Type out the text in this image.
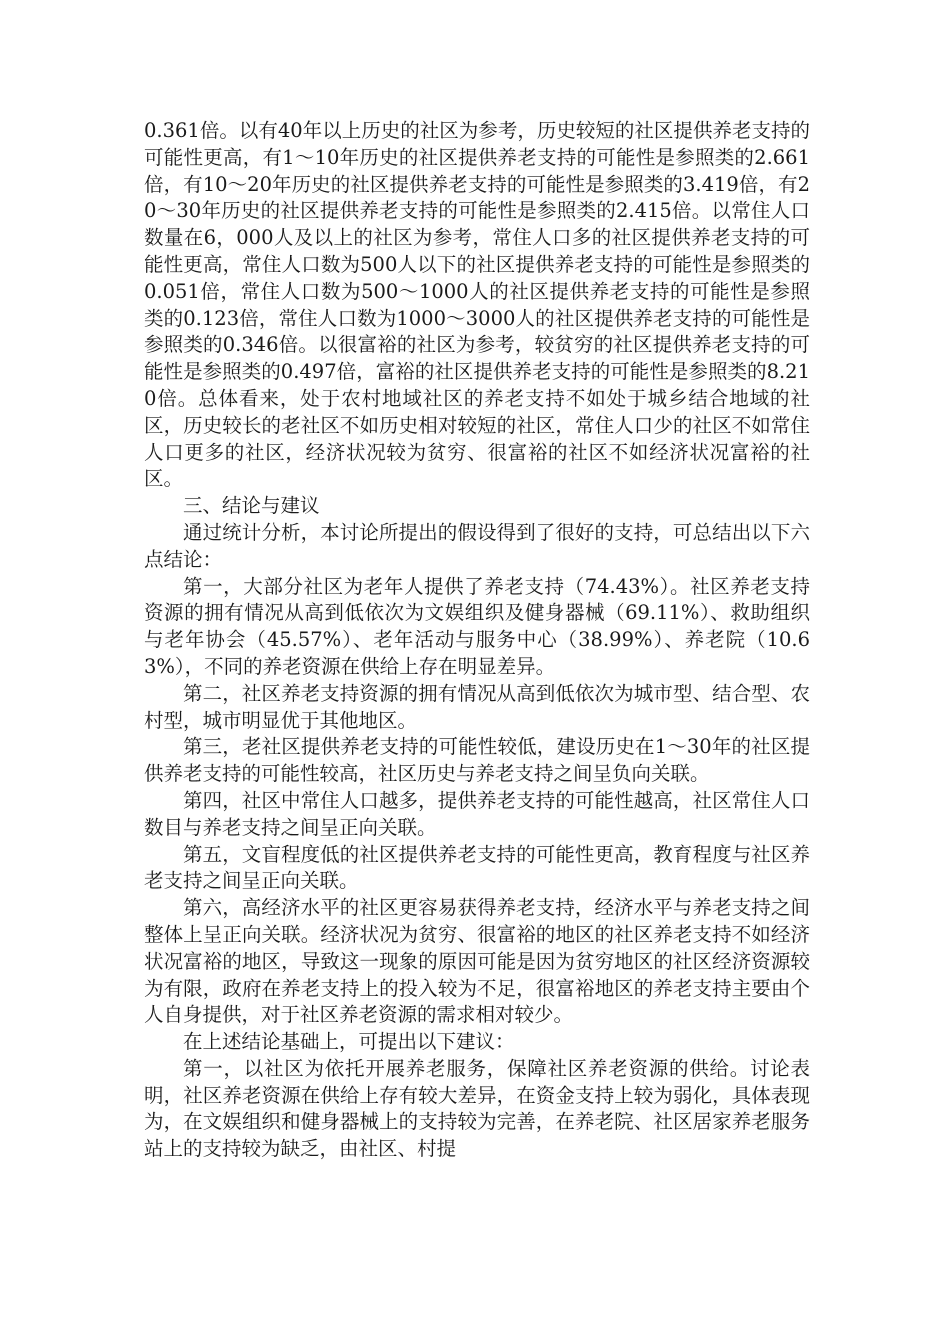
0.361倍。以有40年以上历史的社区为参考，历史较短的社区提供养老支持的可能性更高，有1～10年历史的社区提供养老支持的可能性是参照类的2.661倍，有10～20年历史的社区提供养老支持的可能性是参照类的3.419倍，有20～30年历史的社区提供养老支持的可能性是参照类的2.415倍。以常住人口数量在6，000人及以上的社区为参考，常住人口多的社区提供养老支持的可能性更高，常住人口数为500人以下的社区提供养老支持的可能性是参照类的0.051倍，常住人口数为500～1000人的社区提供养老支持的可能性是参照类的0.123倍，常住人口数为1000～3000人的社区提供养老支持的可能性是参照类的0.346倍。以很富裕的社区为参考，较贫穷的社区提供养老支持的可能性是参照类的0.497倍，富裕的社区提供养老支持的可能性是参照类的8.210倍。总体看来，处于农村地域社区的养老支持不如处于城乡结合地域的社区，历史较长的老社区不如历史相对较短的社区，常住人口少的社区不如常住人口更多的社区，经济状况较为贫穷、很富裕的社区不如经济状况富裕的社区。

三、结论与建议

通过统计分析，本讨论所提出的假设得到了很好的支持，可总结出以下六点结论：

第一，大部分社区为老年人提供了养老支持（74.43%）。社区养老支持资源的拥有情况从高到低依次为文娱组织及健身器械（69.11%）、救助组织与老年协会（45.57%）、老年活动与服务中心（38.99%）、养老院（10.63%），不同的养老资源在供给上存在明显差异。

第二，社区养老支持资源的拥有情况从高到低依次为城市型、结合型、农村型，城市明显优于其他地区。

第三，老社区提供养老支持的可能性较低，建设历史在1～30年的社区提供养老支持的可能性较高，社区历史与养老支持之间呈负向关联。

第四，社区中常住人口越多，提供养老支持的可能性越高，社区常住人口数目与养老支持之间呈正向关联。

第五，文盲程度低的社区提供养老支持的可能性更高，教育程度与社区养老支持之间呈正向关联。

第六，高经济水平的社区更容易获得养老支持，经济水平与养老支持之间整体上呈正向关联。经济状况为贫穷、很富裕的地区的社区养老支持不如经济状况富裕的地区，导致这一现象的原因可能是因为贫穷地区的社区经济资源较为有限，政府在养老支持上的投入较为不足，很富裕地区的养老支持主要由个人自身提供，对于社区养老资源的需求相对较少。

在上述结论基础上，可提出以下建议：

第一，以社区为依托开展养老服务，保障社区养老资源的供给。讨论表明，社区养老资源在供给上存有较大差异，在资金支持上较为弱化，具体表现为，在文娱组织和健身器械上的支持较为完善，在养老院、社区居家养老服务站上的支持较为缺乏，由社区、村提
